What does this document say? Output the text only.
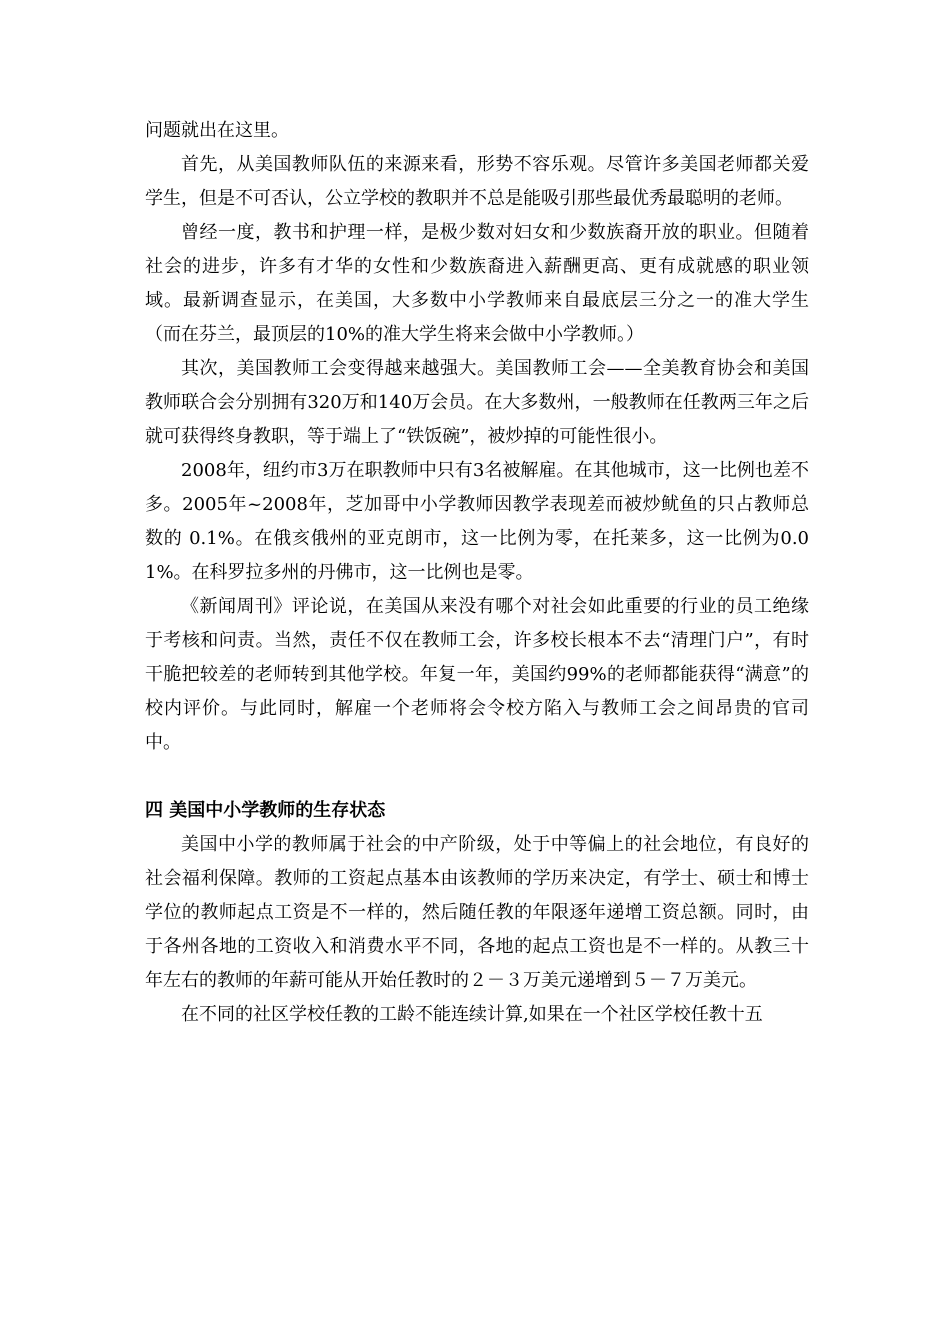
问题就出在这里。

首先，从美国教师队伍的来源来看，形势不容乐观。尽管许多美国老师都关爱学生，但是不可否认，公立学校的教职并不总是能吸引那些最优秀最聪明的老师。

曾经一度，教书和护理一样，是极少数对妇女和少数族裔开放的职业。但随着社会的进步，许多有才华的女性和少数族裔进入薪酬更高、更有成就感的职业领域。最新调查显示，在美国，大多数中小学教师来自最底层三分之一的准大学生（而在芬兰，最顶层的10%的准大学生将来会做中小学教师。）

其次，美国教师工会变得越来越强大。美国教师工会——全美教育协会和美国教师联合会分别拥有320万和140万会员。在大多数州，一般教师在任教两三年之后就可获得终身教职，等于端上了“铁饭碗”，被炒掉的可能性很小。

2008年，纽约市3万在职教师中只有3名被解雇。在其他城市，这一比例也差不多。2005年~2008年，芝加哥中小学教师因教学表现差而被炒鱿鱼的只占教师总数的 0.1%。在俄亥俄州的亚克朗市，这一比例为零，在托莱多，这一比例为0.01%。在科罗拉多州的丹佛市，这一比例也是零。

《新闻周刊》评论说，在美国从来没有哪个对社会如此重要的行业的员工绝缘于考核和问责。当然，责任不仅在教师工会，许多校长根本不去“清理门户”，有时干脆把较差的老师转到其他学校。年复一年，美国约99%的老师都能获得“满意”的校内评价。与此同时，解雇一个老师将会令校方陷入与教师工会之间昂贵的官司中。

四 美国中小学教师的生存状态

美国中小学的教师属于社会的中产阶级，处于中等偏上的社会地位，有良好的社会福利保障。教师的工资起点基本由该教师的学历来决定，有学士、硕士和博士学位的教师起点工资是不一样的，然后随任教的年限逐年递增工资总额。同时，由于各州各地的工资收入和消费水平不同，各地的起点工资也是不一样的。从教三十年左右的教师的年薪可能从开始任教时的２－３万美元递增到５－７万美元。

在不同的社区学校任教的工龄不能连续计算,如果在一个社区学校任教十五
